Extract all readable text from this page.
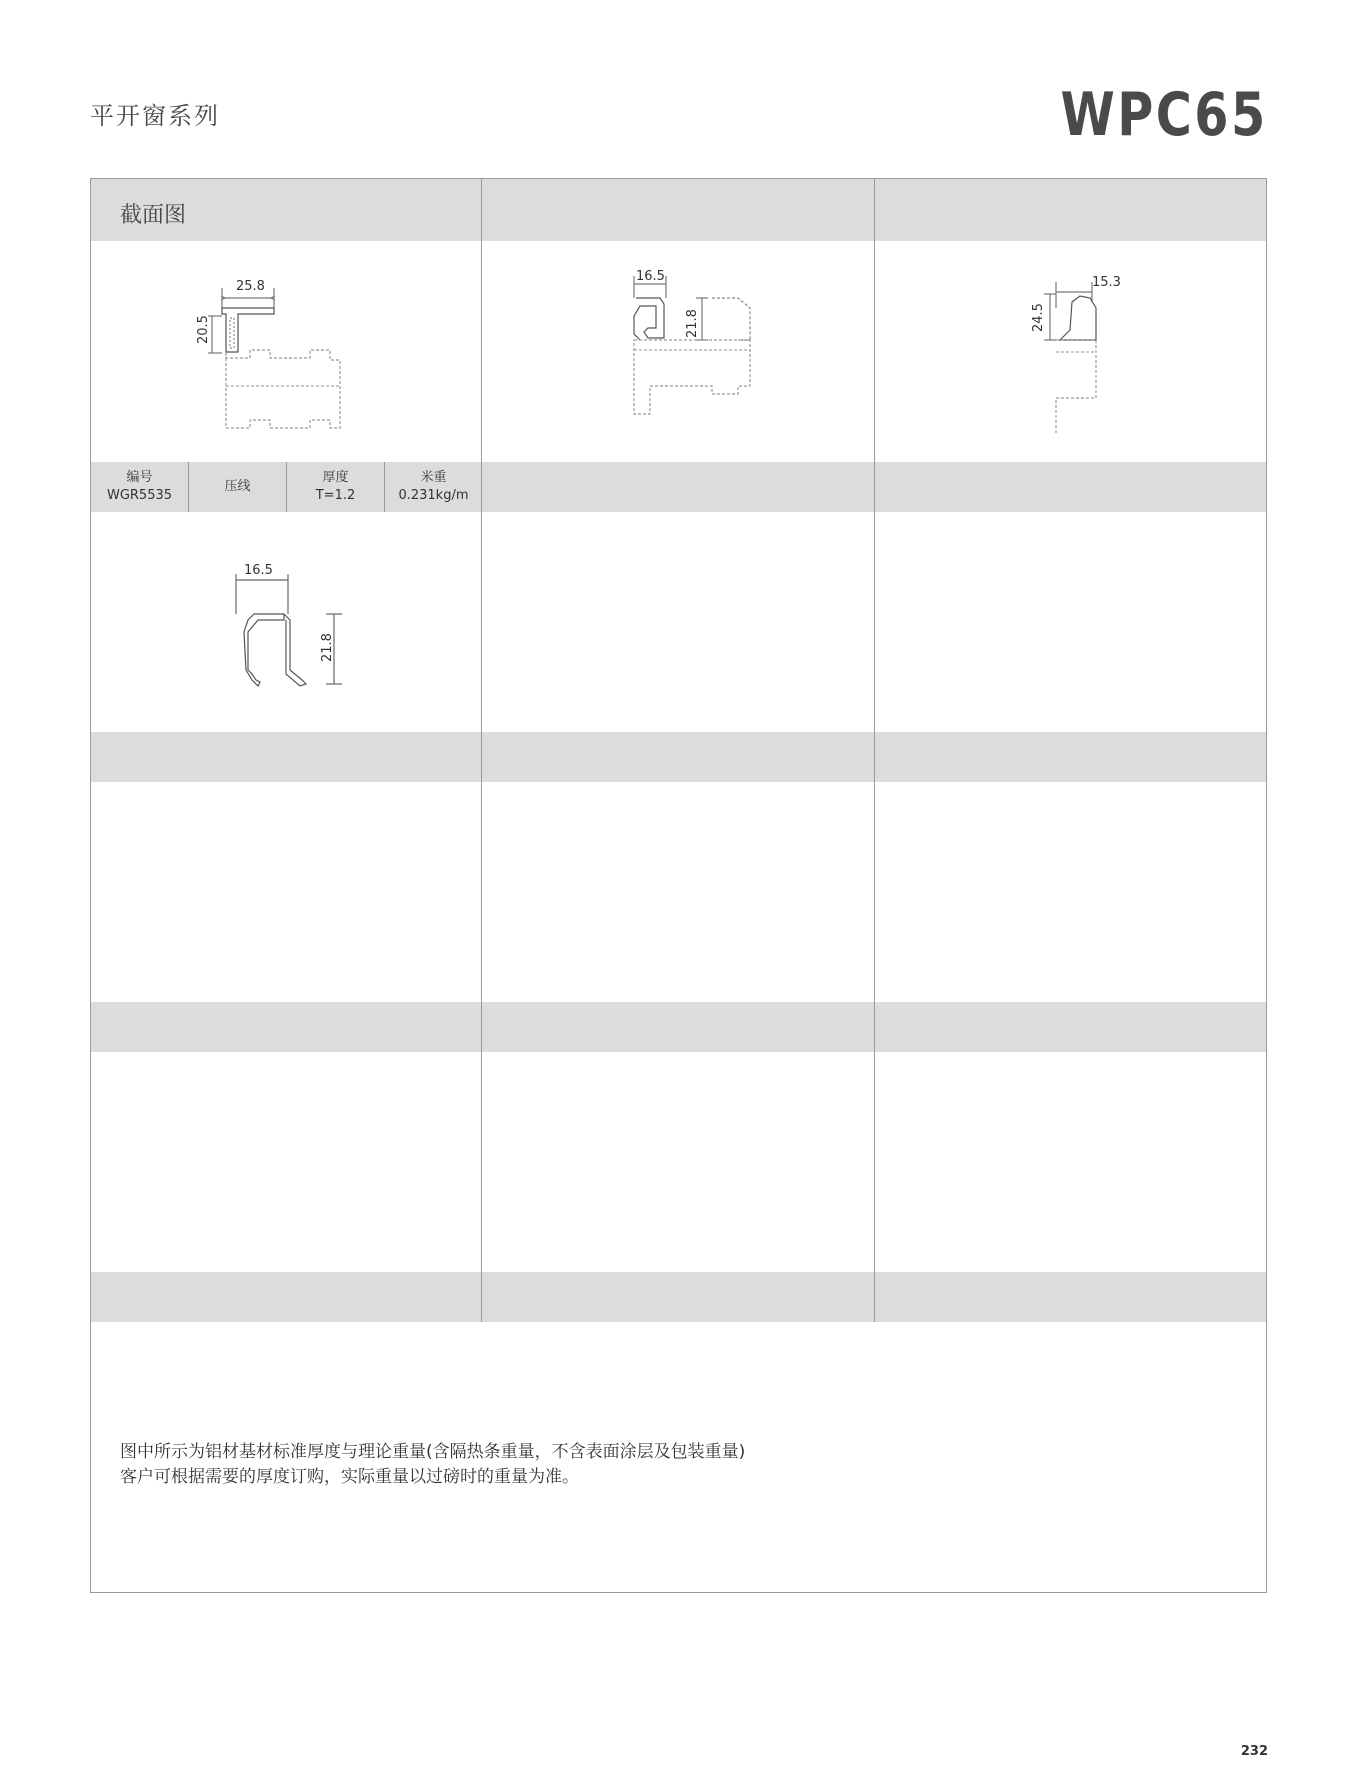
平开窗系列	WPC65
截面图
编号
WGR5535
压线
厚度
T=1.2
米重
0.231kg/m
25.8
20.5
16.5
21.8
15.3
24.5
16.5
21.8
图中所示为铝材基材标准厚度与理论重量(含隔热条重量，不含表面涂层及包装重量)
客户可根据需要的厚度订购，实际重量以过磅时的重量为准。
232
